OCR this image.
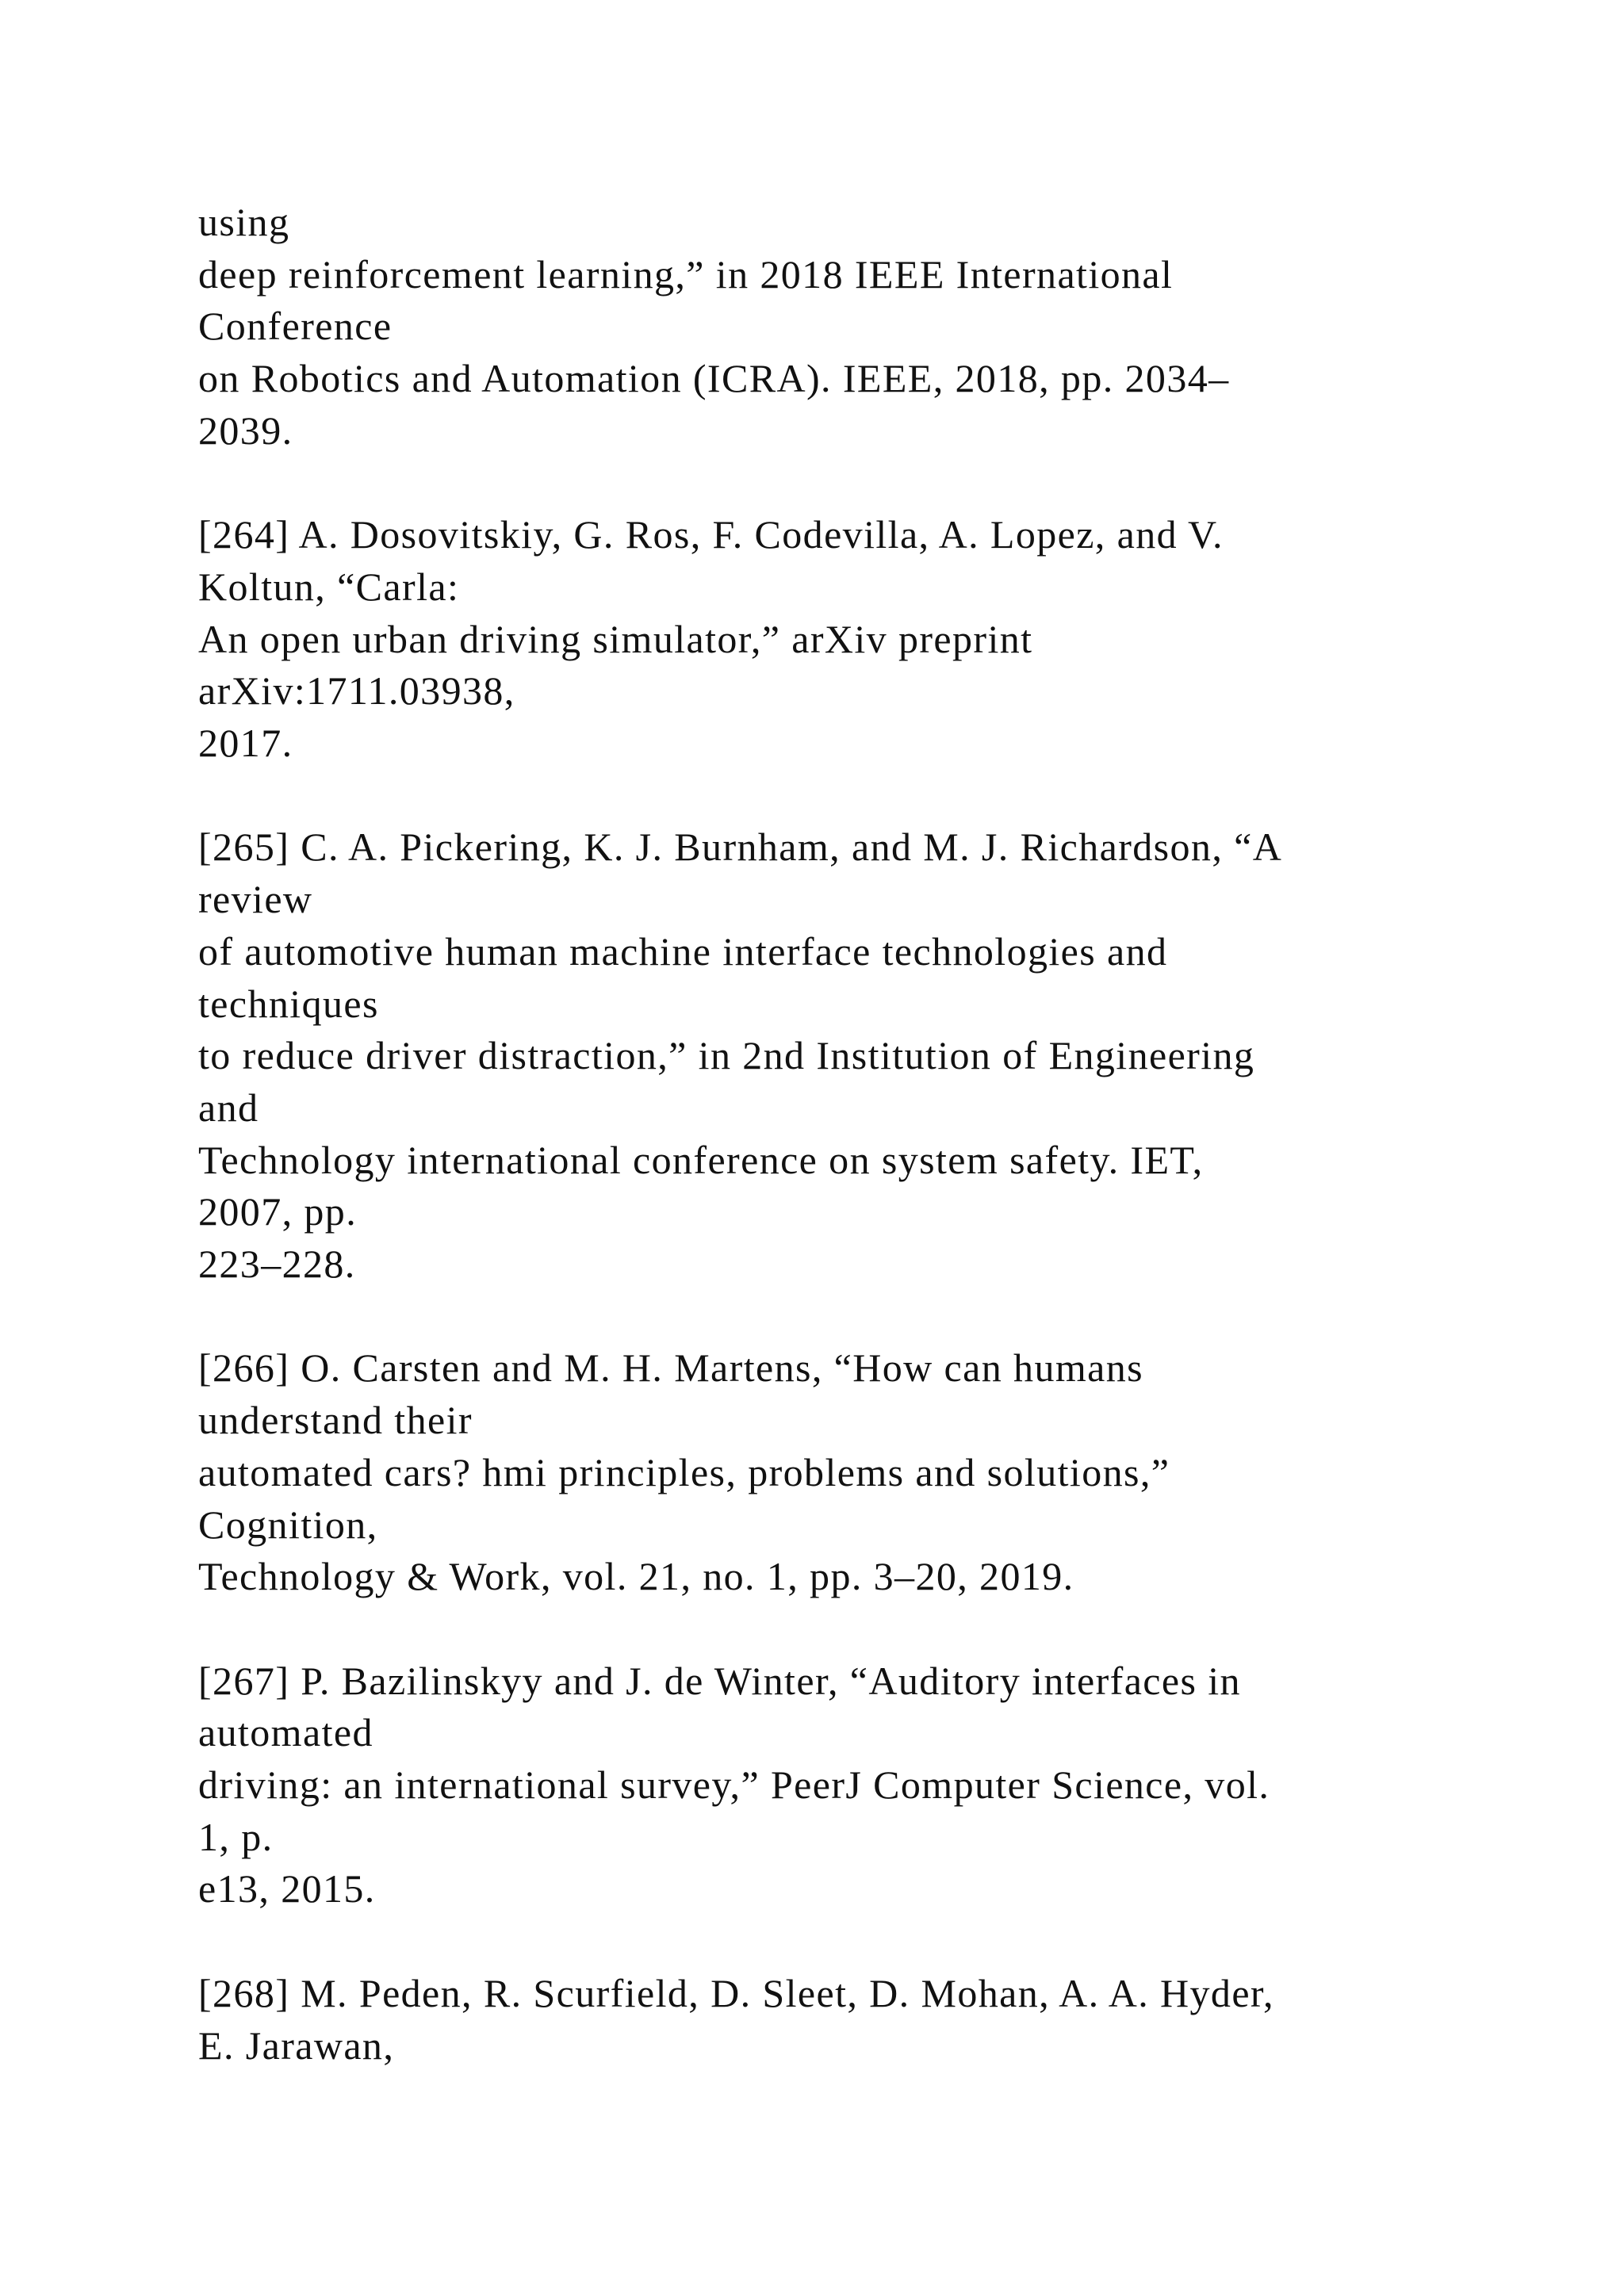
using
deep reinforcement learning,” in 2018 IEEE International
Conference
on Robotics and Automation (ICRA). IEEE, 2018, pp. 2034–
2039.
[264] A. Dosovitskiy, G. Ros, F. Codevilla, A. Lopez, and V.
Koltun, “Carla:
An open urban driving simulator,” arXiv preprint
arXiv:1711.03938,
2017.
[265] C. A. Pickering, K. J. Burnham, and M. J. Richardson, “A
review
of automotive human machine interface technologies and
techniques
to reduce driver distraction,” in 2nd Institution of Engineering
and
Technology international conference on system safety. IET,
2007, pp.
223–228.
[266] O. Carsten and M. H. Martens, “How can humans
understand their
automated cars? hmi principles, problems and solutions,”
Cognition,
Technology & Work, vol. 21, no. 1, pp. 3–20, 2019.
[267] P. Bazilinskyy and J. de Winter, “Auditory interfaces in
automated
driving: an international survey,” PeerJ Computer Science, vol.
1, p.
e13, 2015.
[268] M. Peden, R. Scurfield, D. Sleet, D. Mohan, A. A. Hyder,
E. Jarawan,
